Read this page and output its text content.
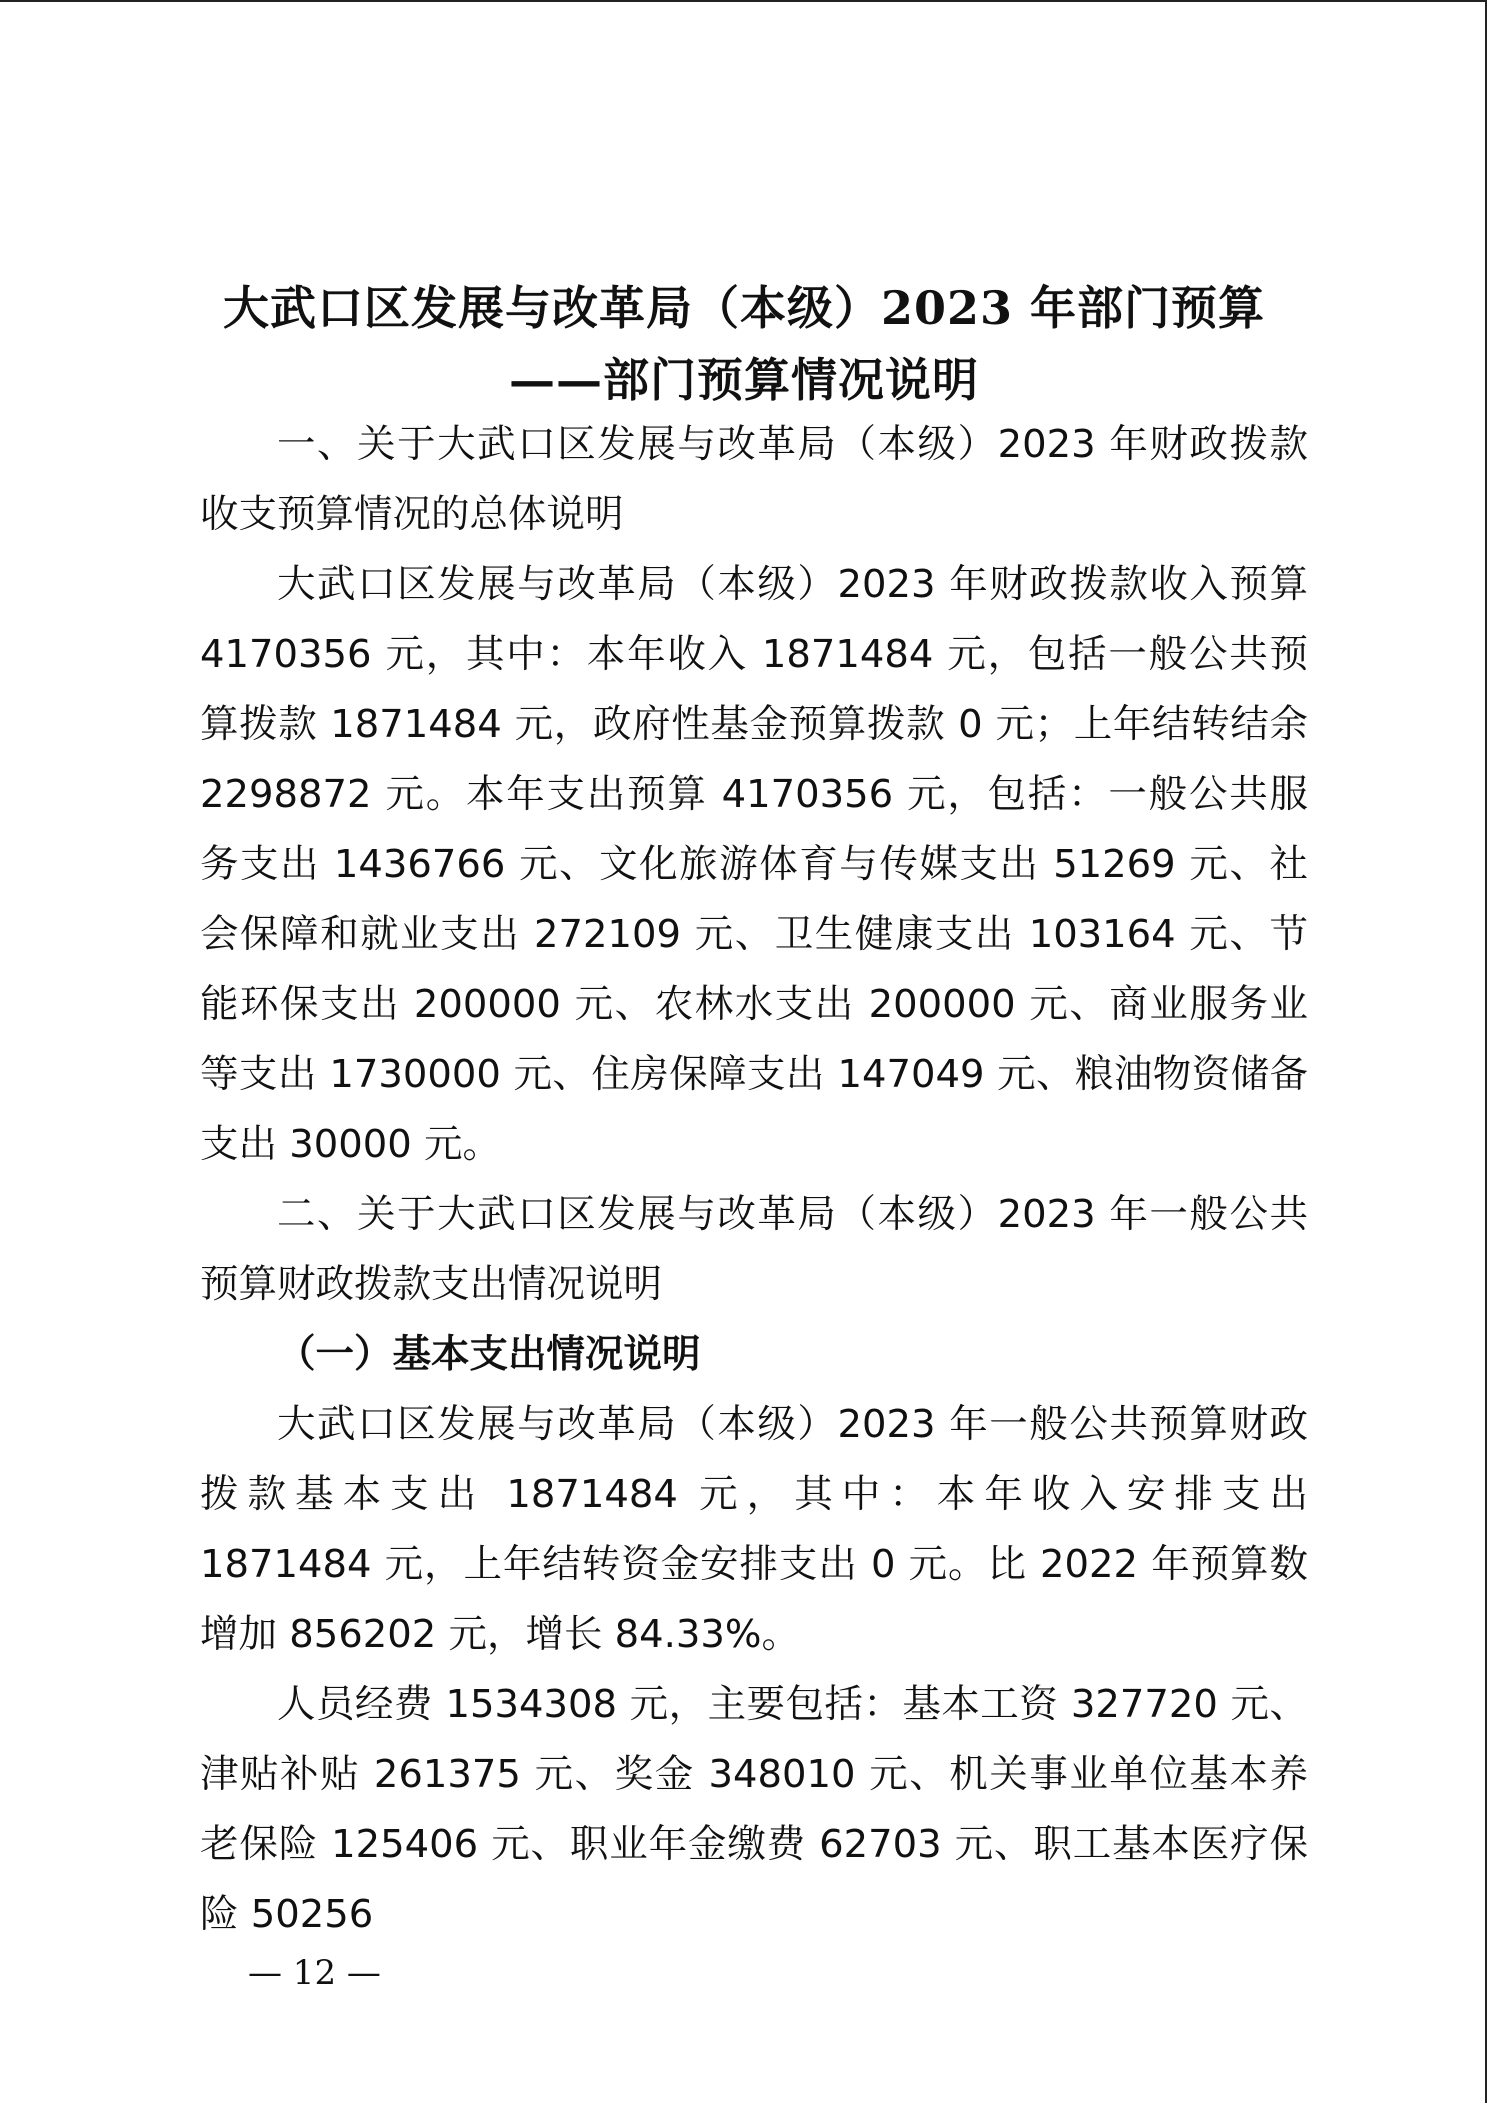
大武口区发展与改革局（本级）2023 年部门预算
——部门预算情况说明

一、关于大武口区发展与改革局（本级）2023 年财政拨款收支预算情况的总体说明

大武口区发展与改革局（本级）2023 年财政拨款收入预算 4170356 元，其中：本年收入 1871484 元，包括一般公共预算拨款 1871484 元，政府性基金预算拨款 0 元；上年结转结余 2298872 元。本年支出预算 4170356 元，包括：一般公共服务支出 1436766 元、文化旅游体育与传媒支出 51269 元、社会保障和就业支出 272109 元、卫生健康支出 103164 元、节能环保支出 200000 元、农林水支出 200000 元、商业服务业等支出 1730000 元、住房保障支出 147049 元、粮油物资储备支出 30000 元。

二、关于大武口区发展与改革局（本级）2023 年一般公共预算财政拨款支出情况说明

（一）基本支出情况说明

大武口区发展与改革局（本级）2023 年一般公共预算财政拨款基本支出 1871484 元，其中：本年收入安排支出 1871484 元，上年结转资金安排支出 0 元。比 2022 年预算数增加 856202 元，增长 84.33%。

人员经费 1534308 元，主要包括：基本工资 327720 元、津贴补贴 261375 元、奖金 348010 元、机关事业单位基本养老保险 125406 元、职业年金缴费 62703 元、职工基本医疗保险 50256

— 12 —
